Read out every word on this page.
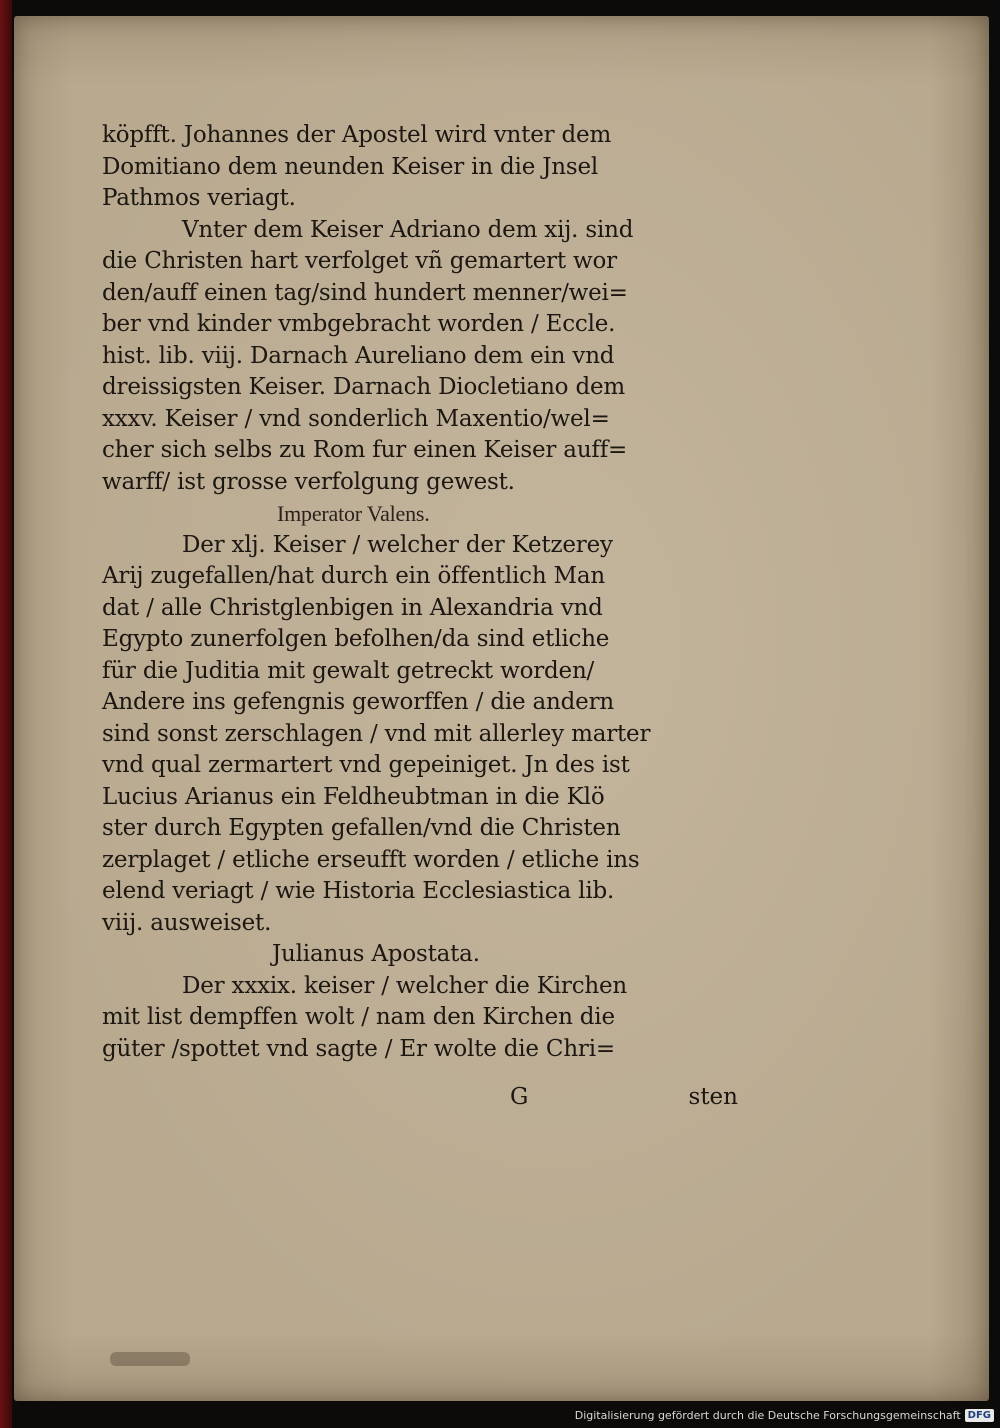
köpfft. Johannes der Apostel wird vnter dem
Domitiano dem neunden Keiser in die Jnsel
Pathmos veriagt.
Vnter dem Keiser Adriano dem xij. sind
die Christen hart verfolget vñ gemartert wor
den/auff einen tag/sind hundert menner/wei=
ber vnd kinder vmbgebracht worden / Eccle.
hist. lib. viij. Darnach Aureliano dem ein vnd
dreissigsten Keiser. Darnach Diocletiano dem
xxxv. Keiser / vnd sonderlich Maxentio/wel=
cher sich selbs zu Rom fur einen Keiser auff=
warff/ ist grosse verfolgung gewest.
Imperator Valens.
Der xlj. Keiser / welcher der Ketzerey
Arij zugefallen/hat durch ein öffentlich Man
dat / alle Christglenbigen in Alexandria vnd
Egypto zunerfolgen befolhen/da sind etliche
für die Juditia mit gewalt getreckt worden/
Andere ins gefengnis geworffen / die andern
sind sonst zerschlagen / vnd mit allerley marter
vnd qual zermartert vnd gepeiniget. Jn des ist
Lucius Arianus ein Feldheubtman in die Klö
ster durch Egypten gefallen/vnd die Christen
zerplaget / etliche erseufft worden / etliche ins
elend veriagt / wie Historia Ecclesiastica lib.
viij. ausweiset.
Julianus Apostata.
Der xxxix. keiser / welcher die Kirchen
mit list dempffen wolt / nam den Kirchen die
güter /spottet vnd sagte / Er wolte die Chri=
G	sten
Digitalisierung gefördert durch die Deutsche Forschungsgemeinschaft DFG
